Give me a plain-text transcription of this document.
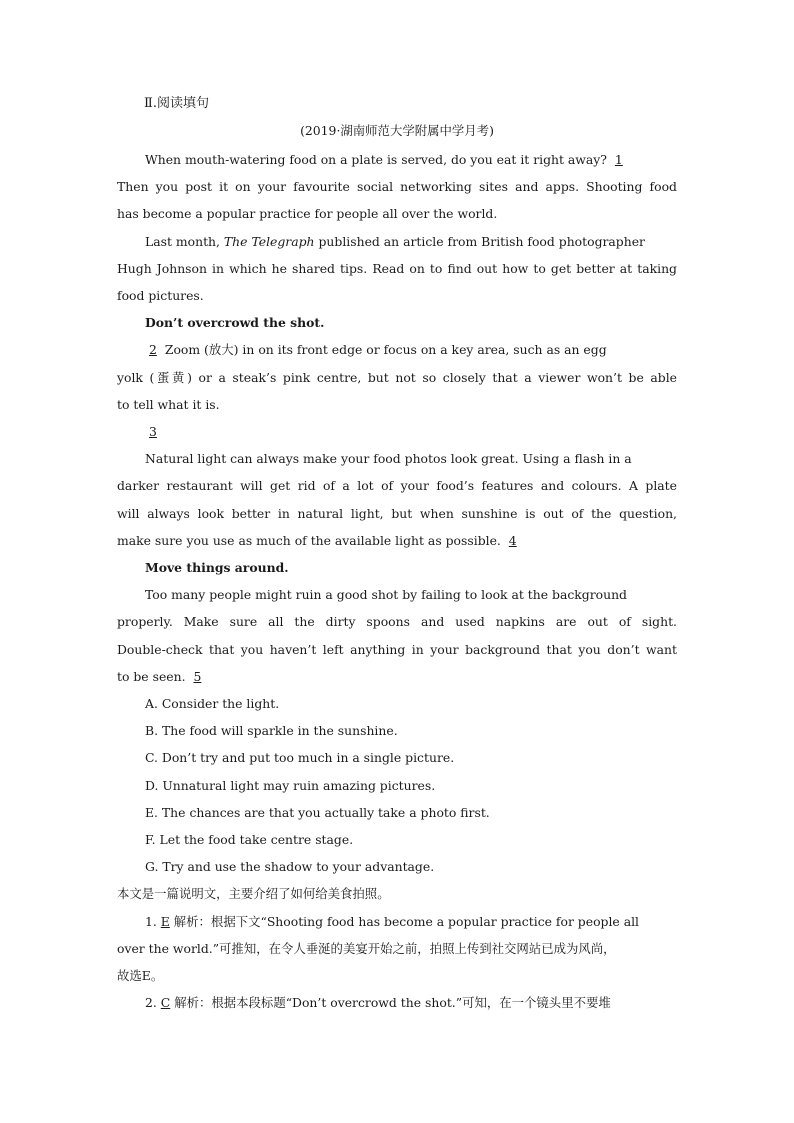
Ⅱ.阅读填句

(2019·湖南师范大学附属中学月考)

When mouth-watering food on a plate is served, do you eat it right away? 1

Then you post it on your favourite social networking sites and apps. Shooting food

has become a popular practice for people all over the world.

Last month, The Telegraph published an article from British food photographer

Hugh Johnson in which he shared tips. Read on to find out how to get better at taking

food pictures.

Don’t overcrowd the shot.

2 Zoom (放大) in on its front edge or focus on a key area, such as an egg

yolk (蛋黄) or a steak’s pink centre, but not so closely that a viewer won’t be able

to tell what it is.

3

Natural light can always make your food photos look great. Using a flash in a

darker restaurant will get rid of a lot of your food’s features and colours. A plate

will always look better in natural light, but when sunshine is out of the question,

make sure you use as much of the available light as possible. 4

Move things around.

Too many people might ruin a good shot by failing to look at the background

properly. Make sure all the dirty spoons and used napkins are out of sight.

Double-check that you haven’t left anything in your background that you don’t want

to be seen. 5

A. Consider the light.

B. The food will sparkle in the sunshine.

C. Don’t try and put too much in a single picture.

D. Unnatural light may ruin amazing pictures.

E. The chances are that you actually take a photo first.

F. Let the food take centre stage.

G. Try and use the shadow to your advantage.

本文是一篇说明文，主要介绍了如何给美食拍照。

1. E 解析：根据下文“Shooting food has become a popular practice for people all

over the world.”可推知，在令人垂涎的美宴开始之前，拍照上传到社交网站已成为风尚，

故选E。

2. C 解析：根据本段标题“Don’t overcrowd the shot.”可知，在一个镜头里不要堆
